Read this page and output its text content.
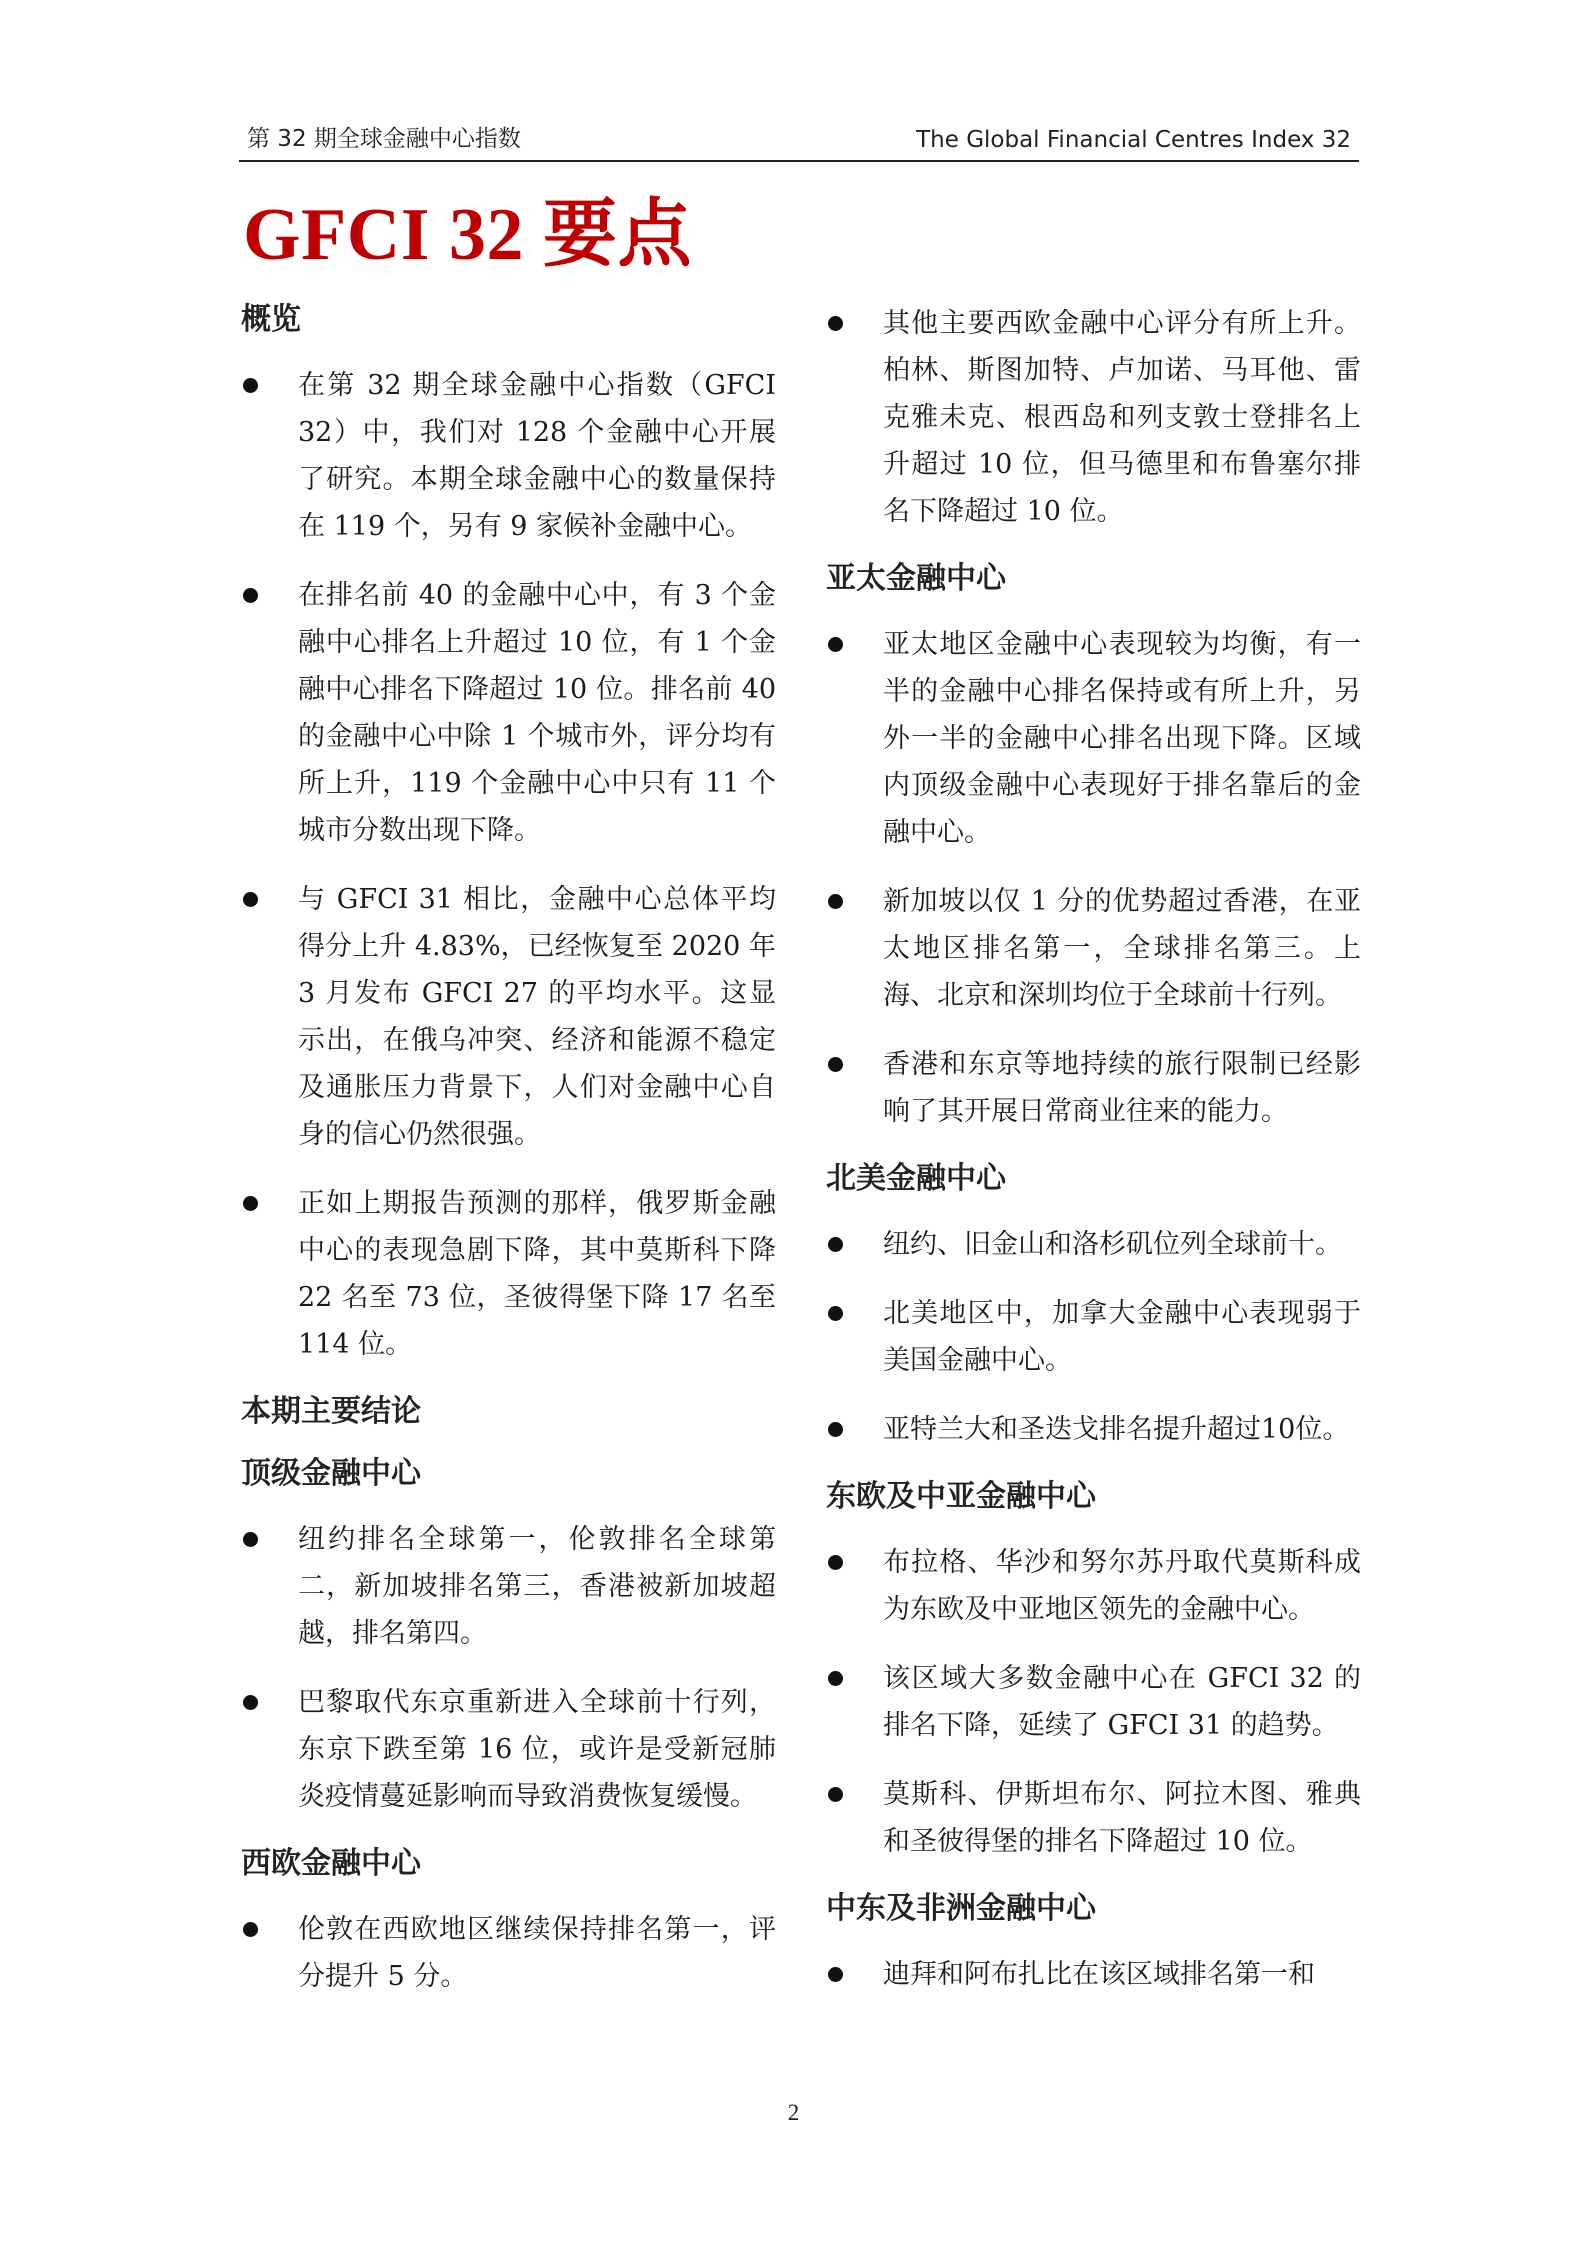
第 32 期全球金融中心指数	The Global Financial Centres Index 32
GFCI 32 要点
概览
在第 32 期全球金融中心指数（GFCI 32）中，我们对 128 个金融中心开展了研究。本期全球金融中心的数量保持在 119 个，另有 9 家候补金融中心。
在排名前 40 的金融中心中，有 3 个金融中心排名上升超过 10 位，有 1 个金融中心排名下降超过 10 位。排名前 40 的金融中心中除 1 个城市外，评分均有所上升，119 个金融中心中只有 11 个城市分数出现下降。
与 GFCI 31 相比，金融中心总体平均得分上升 4.83%，已经恢复至 2020 年 3 月发布 GFCI 27 的平均水平。这显示出，在俄乌冲突、经济和能源不稳定及通胀压力背景下，人们对金融中心自身的信心仍然很强。
正如上期报告预测的那样，俄罗斯金融中心的表现急剧下降，其中莫斯科下降 22 名至 73 位，圣彼得堡下降 17 名至 114 位。
本期主要结论
顶级金融中心
纽约排名全球第一，伦敦排名全球第二，新加坡排名第三，香港被新加坡超越，排名第四。
巴黎取代东京重新进入全球前十行列，东京下跌至第 16 位，或许是受新冠肺炎疫情蔓延影响而导致消费恢复缓慢。
西欧金融中心
伦敦在西欧地区继续保持排名第一，评分提升 5 分。
其他主要西欧金融中心评分有所上升。柏林、斯图加特、卢加诺、马耳他、雷克雅未克、根西岛和列支敦士登排名上升超过 10 位，但马德里和布鲁塞尔排名下降超过 10 位。
亚太金融中心
亚太地区金融中心表现较为均衡，有一半的金融中心排名保持或有所上升，另外一半的金融中心排名出现下降。区域内顶级金融中心表现好于排名靠后的金融中心。
新加坡以仅 1 分的优势超过香港，在亚太地区排名第一，全球排名第三。上海、北京和深圳均位于全球前十行列。
香港和东京等地持续的旅行限制已经影响了其开展日常商业往来的能力。
北美金融中心
纽约、旧金山和洛杉矶位列全球前十。
北美地区中，加拿大金融中心表现弱于美国金融中心。
亚特兰大和圣迭戈排名提升超过10位。
东欧及中亚金融中心
布拉格、华沙和努尔苏丹取代莫斯科成为东欧及中亚地区领先的金融中心。
该区域大多数金融中心在 GFCI 32 的排名下降，延续了 GFCI 31 的趋势。
莫斯科、伊斯坦布尔、阿拉木图、雅典和圣彼得堡的排名下降超过 10 位。
中东及非洲金融中心
迪拜和阿布扎比在该区域排名第一和
2
